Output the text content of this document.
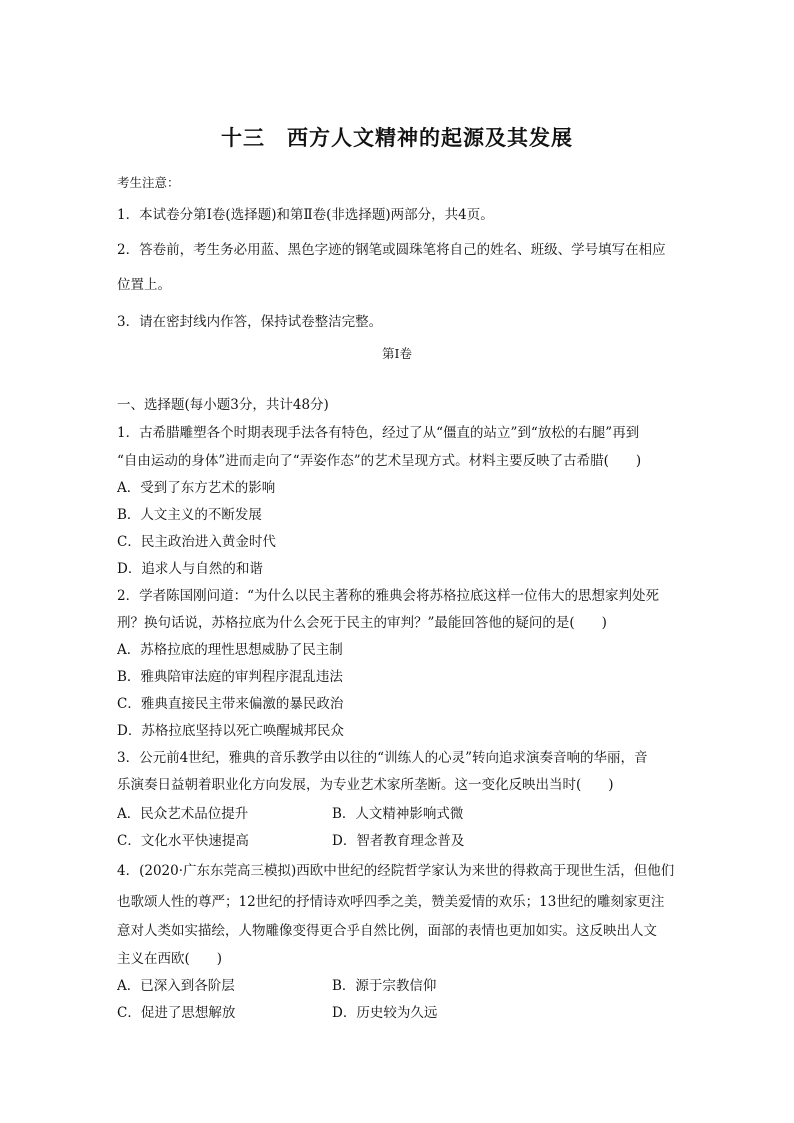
十三　西方人文精神的起源及其发展
考生注意：
1．本试卷分第Ⅰ卷(选择题)和第Ⅱ卷(非选择题)两部分，共4页。
2．答卷前，考生务必用蓝、黑色字迹的钢笔或圆珠笔将自己的姓名、班级、学号填写在相应
位置上。
3．请在密封线内作答，保持试卷整洁完整。
第Ⅰ卷
一、选择题(每小题3分，共计48分)
1．古希腊雕塑各个时期表现手法各有特色，经过了从“僵直的站立”到“放松的右腿”再到
“自由运动的身体”进而走向了“弄姿作态”的艺术呈现方式。材料主要反映了古希腊(　　)
A．受到了东方艺术的影响
B．人文主义的不断发展
C．民主政治进入黄金时代
D．追求人与自然的和谐
2．学者陈国刚问道：“为什么以民主著称的雅典会将苏格拉底这样一位伟大的思想家判处死
刑？换句话说，苏格拉底为什么会死于民主的审判？”最能回答他的疑问的是(　　)
A．苏格拉底的理性思想威胁了民主制
B．雅典陪审法庭的审判程序混乱违法
C．雅典直接民主带来偏激的暴民政治
D．苏格拉底坚持以死亡唤醒城邦民众
3．公元前4世纪，雅典的音乐教学由以往的“训练人的心灵”转向追求演奏音响的华丽，音
乐演奏日益朝着职业化方向发展，为专业艺术家所垄断。这一变化反映出当时(　　)
A．民众艺术品位提升	B．人文精神影响式微
C．文化水平快速提高	D．智者教育理念普及
4．(2020·广东东莞高三模拟)西欧中世纪的经院哲学家认为来世的得救高于现世生活，但他们
也歌颂人性的尊严；12世纪的抒情诗欢呼四季之美，赞美爱情的欢乐；13世纪的雕刻家更注
意对人类如实描绘，人物雕像变得更合乎自然比例，面部的表情也更加如实。这反映出人文
主义在西欧(　　)
A．已深入到各阶层	B．源于宗教信仰
C．促进了思想解放	D．历史较为久远
